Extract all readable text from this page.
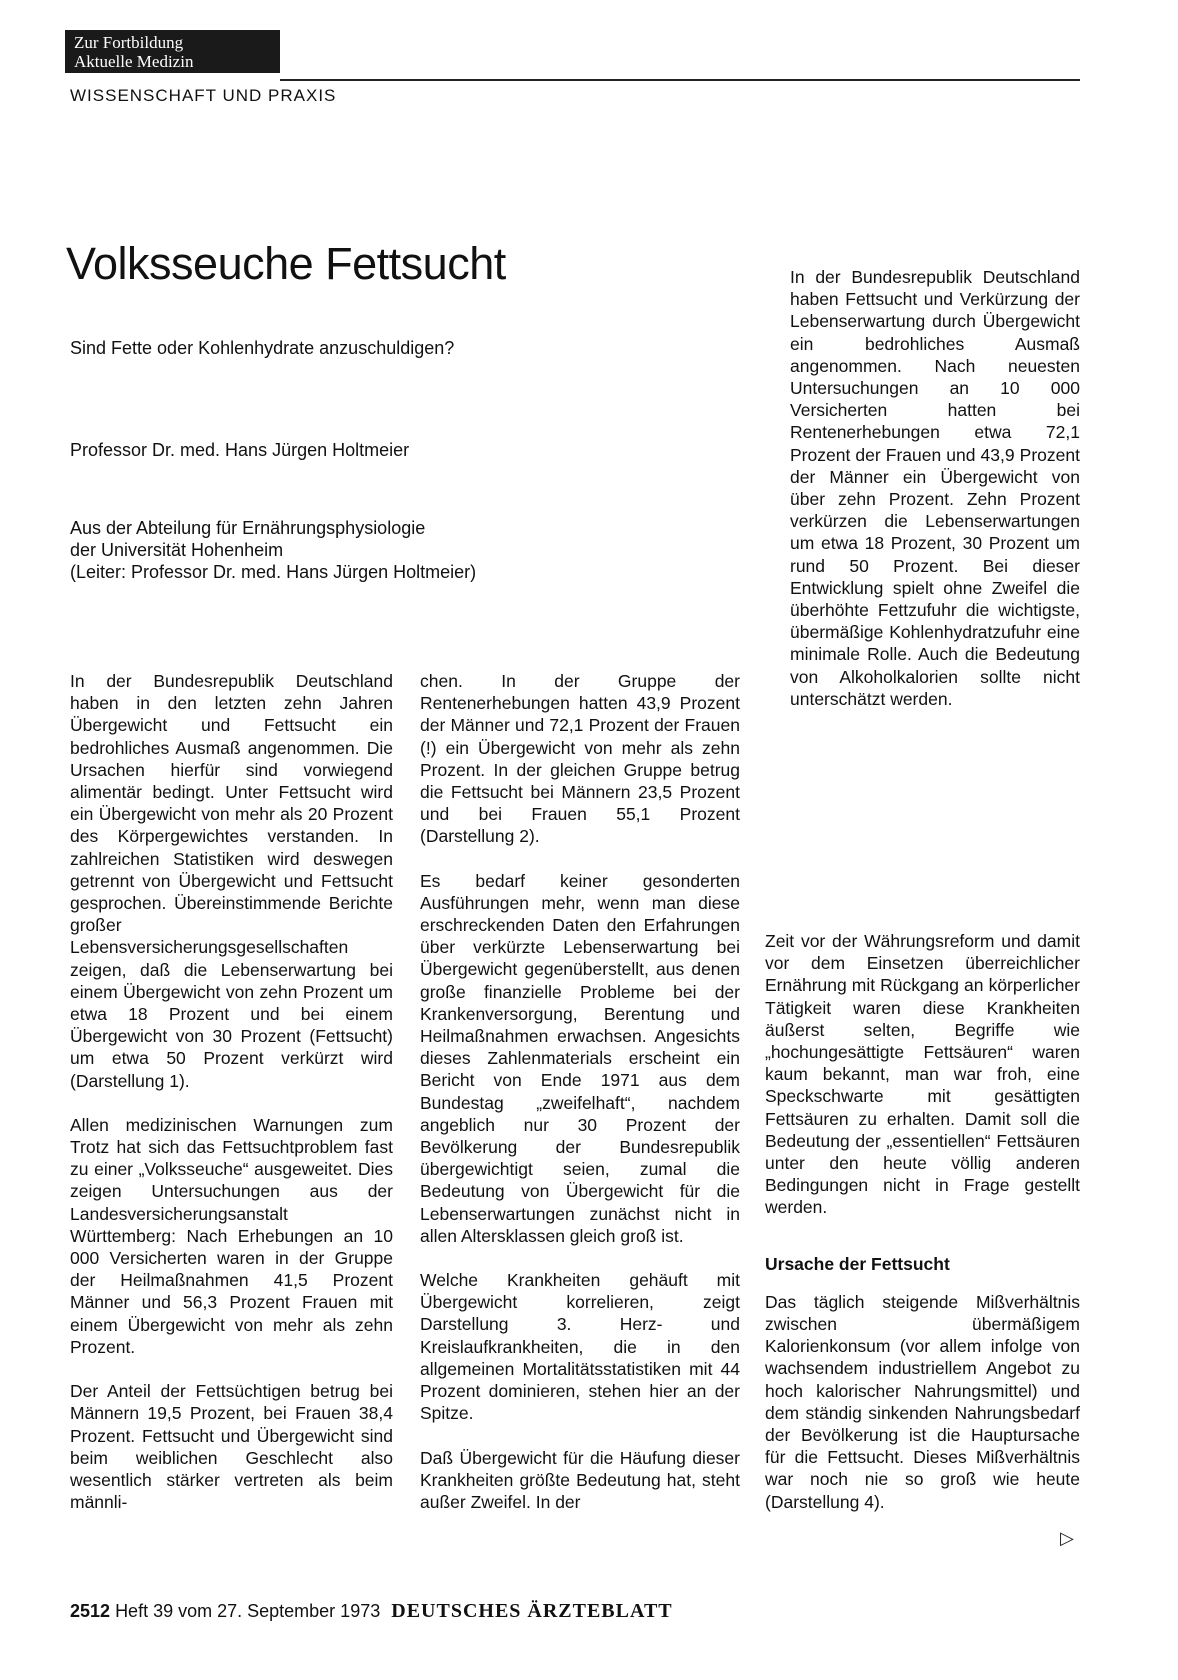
Zur Fortbildung
Aktuelle Medizin
WISSENSCHAFT UND PRAXIS
Volksseuche Fettsucht
Sind Fette oder Kohlenhydrate anzuschuldigen?
Professor Dr. med. Hans Jürgen Holtmeier
Aus der Abteilung für Ernährungsphysiologie
der Universität Hohenheim
(Leiter: Professor Dr. med. Hans Jürgen Holtmeier)

In der Bundesrepublik Deutschland haben Fettsucht und Verkürzung der Lebenserwartung durch Übergewicht ein bedrohliches Ausmaß angenommen. Nach neuesten Untersuchungen an 10 000 Versicherten hatten bei Rentenerhebungen etwa 72,1 Prozent der Frauen und 43,9 Prozent der Männer ein Übergewicht von über zehn Prozent. Zehn Prozent verkürzen die Lebenserwartungen um etwa 18 Prozent, 30 Prozent um rund 50 Prozent. Bei dieser Entwicklung spielt ohne Zweifel die überhöhte Fettzufuhr die wichtigste, übermäßige Kohlenhydratzufuhr eine minimale Rolle. Auch die Bedeutung von Alkoholkalorien sollte nicht unterschätzt werden.

In der Bundesrepublik Deutschland haben in den letzten zehn Jahren Übergewicht und Fettsucht ein bedrohliches Ausmaß angenommen. Die Ursachen hierfür sind vorwiegend alimentär bedingt. Unter Fettsucht wird ein Übergewicht von mehr als 20 Prozent des Körpergewichtes verstanden. In zahlreichen Statistiken wird deswegen getrennt von Übergewicht und Fettsucht gesprochen. Übereinstimmende Berichte großer Lebensversicherungsgesellschaften zeigen, daß die Lebenserwartung bei einem Übergewicht von zehn Prozent um etwa 18 Prozent und bei einem Übergewicht von 30 Prozent (Fettsucht) um etwa 50 Prozent verkürzt wird (Darstellung 1).

Allen medizinischen Warnungen zum Trotz hat sich das Fettsuchtproblem fast zu einer „Volksseuche“ ausgeweitet. Dies zeigen Untersuchungen aus der Landesversicherungsanstalt Württemberg: Nach Erhebungen an 10 000 Versicherten waren in der Gruppe der Heilmaßnahmen 41,5 Prozent Männer und 56,3 Prozent Frauen mit einem Übergewicht von mehr als zehn Prozent.

Der Anteil der Fettsüchtigen betrug bei Männern 19,5 Prozent, bei Frauen 38,4 Prozent. Fettsucht und Übergewicht sind beim weiblichen Geschlecht also wesentlich stärker vertreten als beim männli-

chen. In der Gruppe der Rentenerhebungen hatten 43,9 Prozent der Männer und 72,1 Prozent der Frauen (!) ein Übergewicht von mehr als zehn Prozent. In der gleichen Gruppe betrug die Fettsucht bei Männern 23,5 Prozent und bei Frauen 55,1 Prozent (Darstellung 2).

Es bedarf keiner gesonderten Ausführungen mehr, wenn man diese erschreckenden Daten den Erfahrungen über verkürzte Lebenserwartung bei Übergewicht gegenüberstellt, aus denen große finanzielle Probleme bei der Krankenversorgung, Berentung und Heilmaßnahmen erwachsen. Angesichts dieses Zahlenmaterials erscheint ein Bericht von Ende 1971 aus dem Bundestag „zweifelhaft“, nachdem angeblich nur 30 Prozent der Bevölkerung der Bundesrepublik übergewichtigt seien, zumal die Bedeutung von Übergewicht für die Lebenserwartungen zunächst nicht in allen Altersklassen gleich groß ist.

Welche Krankheiten gehäuft mit Übergewicht korrelieren, zeigt Darstellung 3. Herz- und Kreislaufkrankheiten, die in den allgemeinen Mortalitätsstatistiken mit 44 Prozent dominieren, stehen hier an der Spitze.

Daß Übergewicht für die Häufung dieser Krankheiten größte Bedeutung hat, steht außer Zweifel. In der

Zeit vor der Währungsreform und damit vor dem Einsetzen überreichlicher Ernährung mit Rückgang an körperlicher Tätigkeit waren diese Krankheiten äußerst selten, Begriffe wie „hochungesättigte Fettsäuren“ waren kaum bekannt, man war froh, eine Speckschwarte mit gesättigten Fettsäuren zu erhalten. Damit soll die Bedeutung der „essentiellen“ Fettsäuren unter den heute völlig anderen Bedingungen nicht in Frage gestellt werden.

Ursache der Fettsucht

Das täglich steigende Mißverhältnis zwischen übermäßigem Kalorienkonsum (vor allem infolge von wachsendem industriellem Angebot zu hoch kalorischer Nahrungsmittel) und dem ständig sinkenden Nahrungsbedarf der Bevölkerung ist die Hauptursache für die Fettsucht. Dieses Mißverhältnis war noch nie so groß wie heute (Darstellung 4).

▷
2512 Heft 39 vom 27. September 1973 DEUTSCHES ÄRZTEBLATT
